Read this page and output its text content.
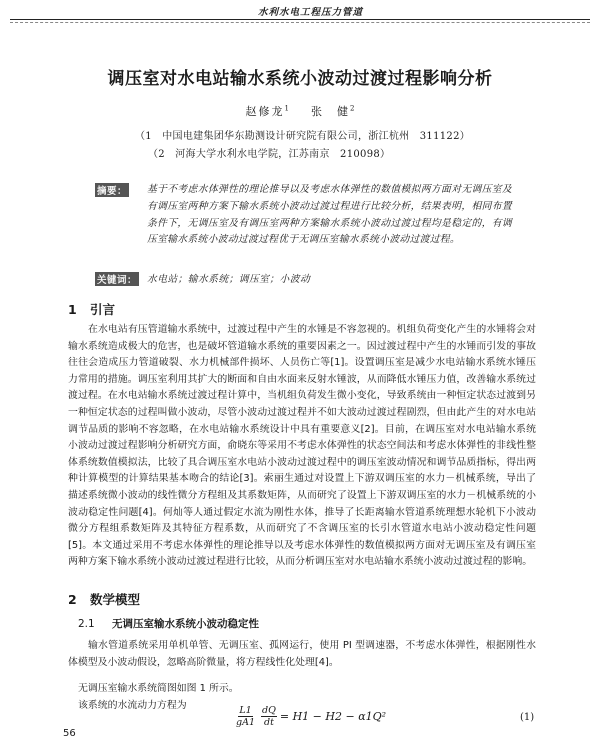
水利水电工程压力管道
调压室对水电站输水系统小波动过渡过程影响分析
赵修龙$^1$ 张　健$^2$
（1　中国电建集团华东勘测设计研究院有限公司，浙江杭州　311122）
（2　河海大学水利水电学院，江苏南京　210098）
摘要： 基于不考虑水体弹性的理论推导以及考虑水体弹性的数值模拟两方面对无调压室及有调压室两种方案下输水系统小波动过渡过程进行比较分析，结果表明，相同布置条件下，无调压室及有调压室两种方案输水系统小波动过渡过程均是稳定的，有调压室输水系统小波动过渡过程优于无调压室输水系统小波动过渡过程。
关键词： 水电站；输水系统；调压室；小波动
1 引言
在水电站有压管道输水系统中，过渡过程中产生的水锤是不容忽视的。机组负荷变化产生的水锤将会对输水系统造成极大的危害，也是破坏管道输水系统的重要因素之一。因过渡过程中产生的水锤而引发的事故往往会造成压力管道破裂、水力机械部件损坏、人员伤亡等[1]。设置调压室是减少水电站输水系统水锤压力常用的措施。调压室利用其扩大的断面和自由水面来反射水锤波，从而降低水锤压力值，改善输水系统过渡过程。在水电站输水系统过渡过程计算中，当机组负荷发生微小变化，导致系统由一种恒定状态过渡到另一种恒定状态的过程叫做小波动，尽管小波动过渡过程并不如大波动过渡过程剧烈，但由此产生的对水电站调节品质的影响不容忽略，在水电站输水系统设计中具有重要意义[2]。目前，在调压室对水电站输水系统小波动过渡过程影响分析研究方面，俞晓东等采用不考虑水体弹性的状态空间法和考虑水体弹性的非线性整体系统数值模拟法，比较了具合调压室水电站小波动过渡过程中的调压室波动情况和调节品质指标，得出两种计算模型的计算结果基本吻合的结论[3]。索丽生通过对设置上下游双调压室的水力－机械系统，导出了描述系统微小波动的线性微分方程组及其系数矩阵，从而研究了设置上下游双调压室的水力－机械系统的小波动稳定性问题[4]。何灿等人通过假定水流为刚性水体，推导了长距离输水管道系统理想水轮机下小波动微分方程组系数矩阵及其特征方程系数，从而研究了不含调压室的长引水管道水电站小波动稳定性问题[5]。本文通过采用不考虑水体弹性的理论推导以及考虑水体弹性的数值模拟两方面对无调压室及有调压室两种方案下输水系统小波动过渡过程进行比较，从而分析调压室对水电站输水系统小波动过渡过程的影响。
2 数学模型
2.1 无调压室输水系统小波动稳定性
输水管道系统采用单机单管、无调压室、孤网运行，使用 PI 型调速器，不考虑水体弹性，根据刚性水体模型及小波动假设，忽略高阶微量，将方程线性化处理[4]。
无调压室输水系统简图如图 1 所示。
该系统的水流动力方程为	$\frac{L1}{gA1} \frac{dQ}{dt} = H1 - H2 - \alpha 1Q^2$	(1)
56
